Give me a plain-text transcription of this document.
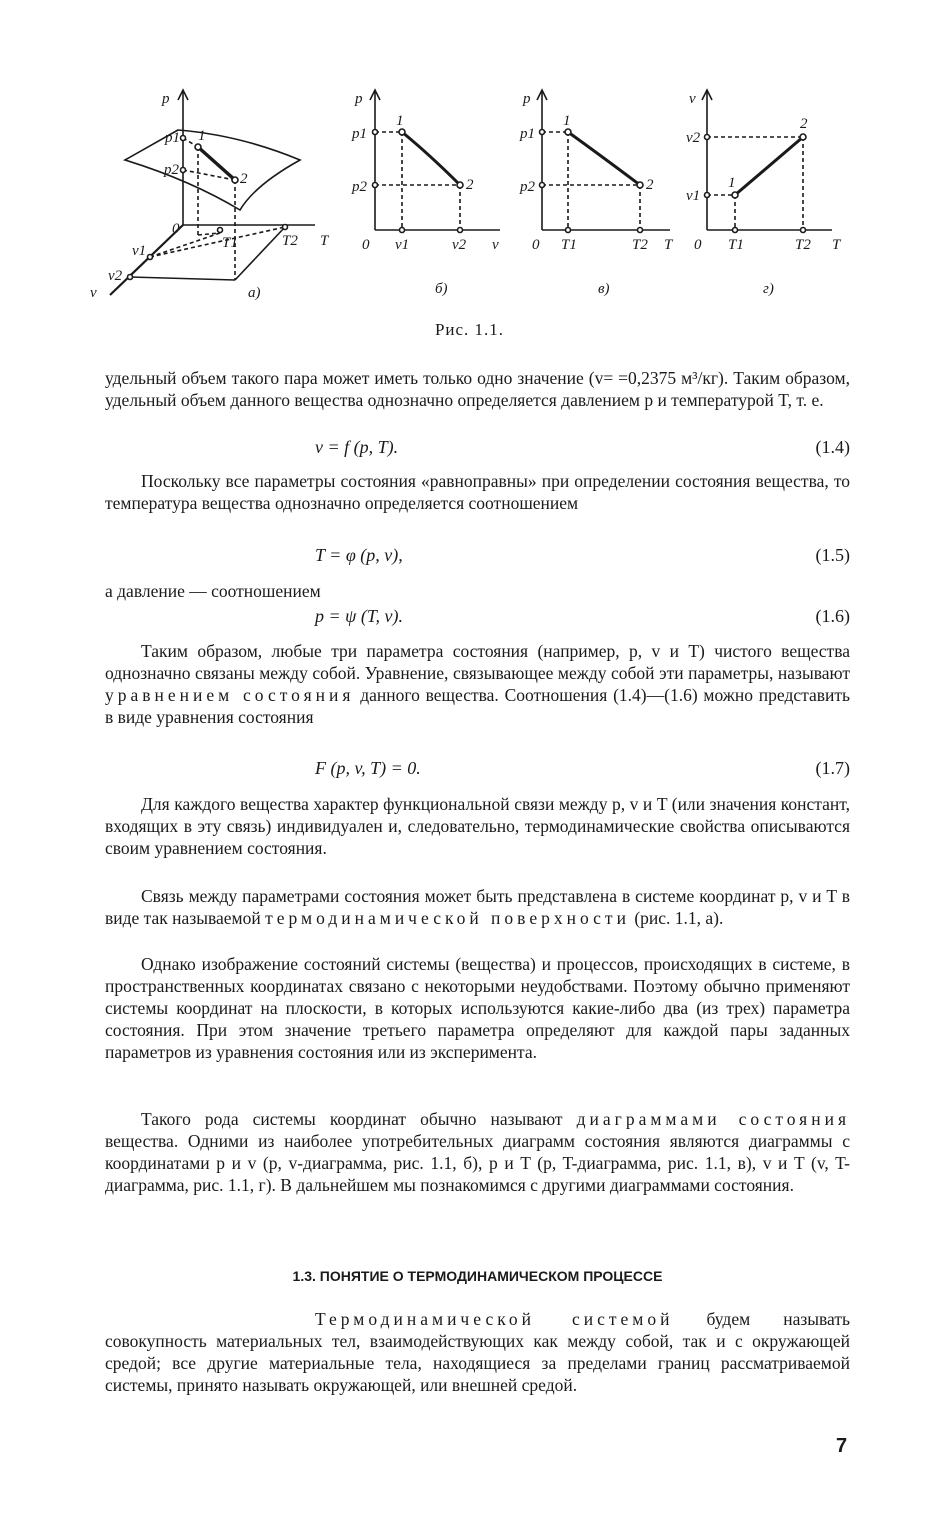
p
p1
p2
1
2
0
T1	T2 T
v1
v2
v	а)
p
p1
p2
1
2
0 v1	v2 v
б)
p
p1
p2
1
2
0 T1	T2 T
в)
v
v2
v1
1
2
0 T1	T2 T
г)
Рис. 1.1.
удельный объем такого пара может иметь только одно значение (v= =0,2375 м³/кг). Таким образом, удельный объем данного вещества однозначно определяется давлением p и температурой T, т. е.
v = f (p, T).	(1.4)
Поскольку все параметры состояния «равноправны» при определении состояния вещества, то температура вещества однозначно определяется соотношением
T = φ (p, v),	(1.5)
а давление — соотношением
p = ψ (T, v).	(1.6)
Таким образом, любые три параметра состояния (например, p, v и T) чистого вещества однозначно связаны между собой. Уравнение, связывающее между собой эти параметры, называют уравнением состояния данного вещества. Соотношения (1.4)—(1.6) можно представить в виде уравнения состояния
F (p, v, T) = 0.	(1.7)
Для каждого вещества характер функциональной связи между p, v и T (или значения констант, входящих в эту связь) индивидуален и, следовательно, термодинамические свойства описываются своим уравнением состояния.
Связь между параметрами состояния может быть представлена в системе координат p, v и T в виде так называемой термодинамической поверхности (рис. 1.1, а).
Однако изображение состояний системы (вещества) и процессов, происходящих в системе, в пространственных координатах связано с некоторыми неудобствами. Поэтому обычно применяют системы координат на плоскости, в которых используются какие-либо два (из трех) параметра состояния. При этом значение третьего параметра определяют для каждой пары заданных параметров из уравнения состояния или из эксперимента.
Такого рода системы координат обычно называют диаграммами состояния вещества. Одними из наиболее употребительных диаграмм состояния являются диаграммы с координатами p и v (p, v-диаграмма, рис. 1.1, б), p и T (p, T-диаграмма, рис. 1.1, в), v и T (v, T-диаграмма, рис. 1.1, г). В дальнейшем мы познакомимся с другими диаграммами состояния.
1.3. ПОНЯТИЕ О ТЕРМОДИНАМИЧЕСКОМ ПРОЦЕССЕ
Термодинамической системой будем называть совокупность материальных тел, взаимодействующих как между собой, так и с окружающей средой; все другие материальные тела, находящиеся за пределами границ рассматриваемой системы, принято называть окружающей, или внешней средой.
7
